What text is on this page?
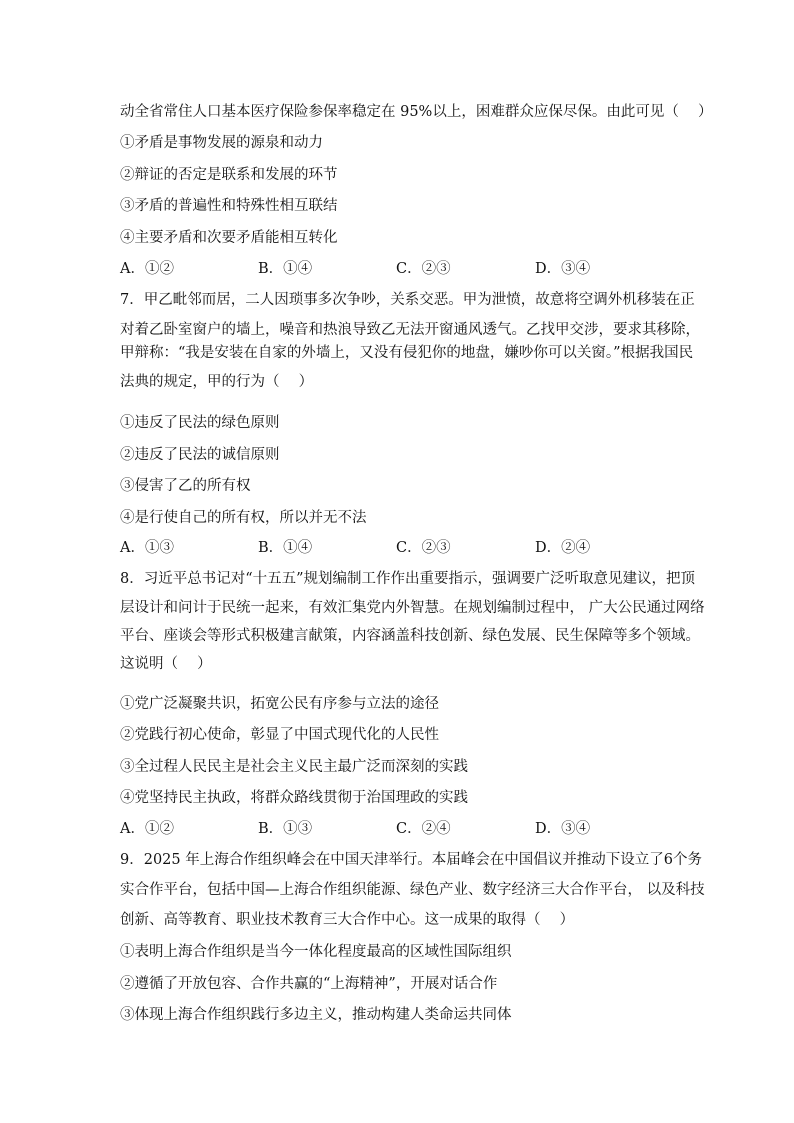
动全省常住人口基本医疗保险参保率稳定在 95%以上，困难群众应保尽保。由此可见（　 ）
①矛盾是事物发展的源泉和动力
②辩证的否定是联系和发展的环节
③矛盾的普遍性和特殊性相互联结
④主要矛盾和次要矛盾能相互转化
A．①②	B．①④	C．②③	D．③④
7．甲乙毗邻而居，二人因琐事多次争吵，关系交恶。甲为泄愤，故意将空调外机移装在正
对着乙卧室窗户的墙上，噪音和热浪导致乙无法开窗通风透气。乙找甲交涉，要求其移除，
甲辩称：“我是安装在自家的外墙上，又没有侵犯你的地盘，嫌吵你可以关窗。”根据我国民
法典的规定，甲的行为（　 ）
①违反了民法的绿色原则
②违反了民法的诚信原则
③侵害了乙的所有权
④是行使自己的所有权，所以并无不法
A．①③	B．①④	C．②③	D．②④
8．习近平总书记对“十五五”规划编制工作作出重要指示，强调要广泛听取意见建议，把顶
层设计和问计于民统一起来，有效汇集党内外智慧。在规划编制过程中， 广大公民通过网络
平台、座谈会等形式积极建言献策，内容涵盖科技创新、绿色发展、民生保障等多个领域。
这说明（　 ）
①党广泛凝聚共识，拓宽公民有序参与立法的途径
②党践行初心使命，彰显了中国式现代化的人民性
③全过程人民民主是社会主义民主最广泛而深刻的实践
④党坚持民主执政，将群众路线贯彻于治国理政的实践
A．①②	B．①③	C．②④	D．③④
9．2025 年上海合作组织峰会在中国天津举行。本届峰会在中国倡议并推动下设立了6个务
实合作平台，包括中国—上海合作组织能源、绿色产业、数字经济三大合作平台， 以及科技
创新、高等教育、职业技术教育三大合作中心。这一成果的取得（　 ）
①表明上海合作组织是当今一体化程度最高的区域性国际组织
②遵循了开放包容、合作共赢的“上海精神”，开展对话合作
③体现上海合作组织践行多边主义，推动构建人类命运共同体
